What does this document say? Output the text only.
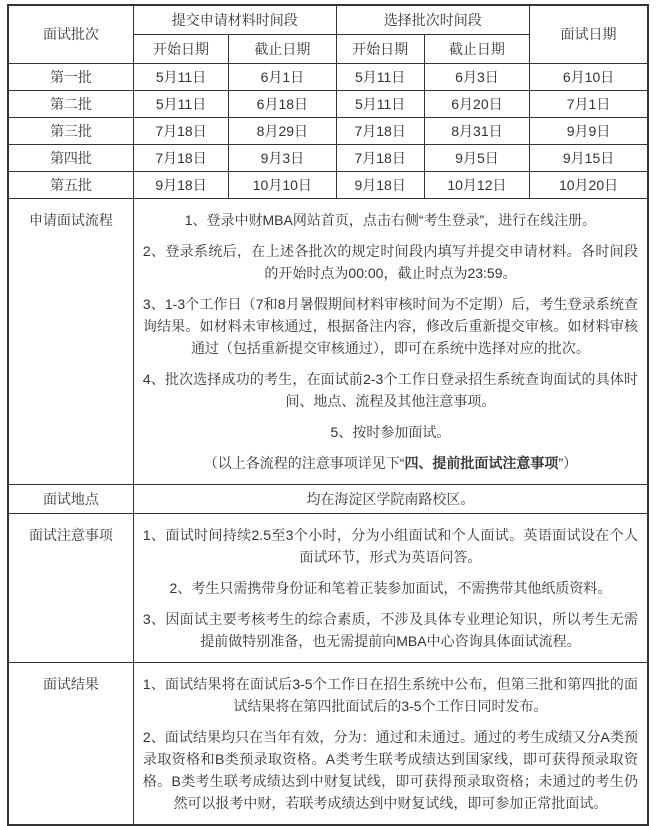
面试批次	提交申请材料时间段		选择批次时间段		面试日期
	开始日期	截止日期	开始日期	截止日期	
第一批	5月11日	6月1日	5月11日	6月3日	6月10日
第二批	5月11日	6月18日	5月11日	6月20日	7月1日
第三批	7月18日	8月29日	7月18日	8月31日	9月9日
第四批	7月18日	9月3日	7月18日	9月5日	9月15日
第五批	9月18日	10月10日	9月18日	10月12日	10月20日
申请面试流程	1、登录中财MBA网站首页，点击右侧“考生登录”，进行在线注册。

2、登录系统后，在上述各批次的规定时间段内填写并提交申请材料。各时间段的开始时点为00:00，截止时点为23:59。

3、1-3个工作日（7和8月暑假期间材料审核时间为不定期）后，考生登录系统查询结果。如材料未审核通过，根据备注内容，修改后重新提交审核。如材料审核通过（包括重新提交审核通过），即可在系统中选择对应的批次。

4、批次选择成功的考生，在面试前2-3个工作日登录招生系统查询面试的具体时间、地点、流程及其他注意事项。

5、按时参加面试。

（以上各流程的注意事项详见下“四、提前批面试注意事项”）

面试地点	均在海淀区学院南路校区。				
面试注意事项	1、面试时间持续2.5至3个小时，分为小组面试和个人面试。英语面试设在个人面试环节，形式为英语问答。

2、考生只需携带身份证和笔着正装参加面试，不需携带其他纸质资料。

3、因面试主要考核考生的综合素质，不涉及具体专业理论知识，所以考生无需提前做特别准备，也无需提前向MBA中心咨询具体面试流程。				

面试结果	1、面试结果将在面试后3-5个工作日在招生系统中公布，但第三批和第四批的面试结果将在第四批面试后的3-5个工作日同时发布。

2、面试结果均只在当年有效，分为：通过和未通过。通过的考生成绩又分A类预录取资格和B类预录取资格。A类考生联考成绩达到国家线，即可获得预录取资格。B类考生联考成绩达到中财复试线，即可获得预录取资格；未通过的考生仍然可以报考中财，若联考成绩达到中财复试线，即可参加正常批面试。				
